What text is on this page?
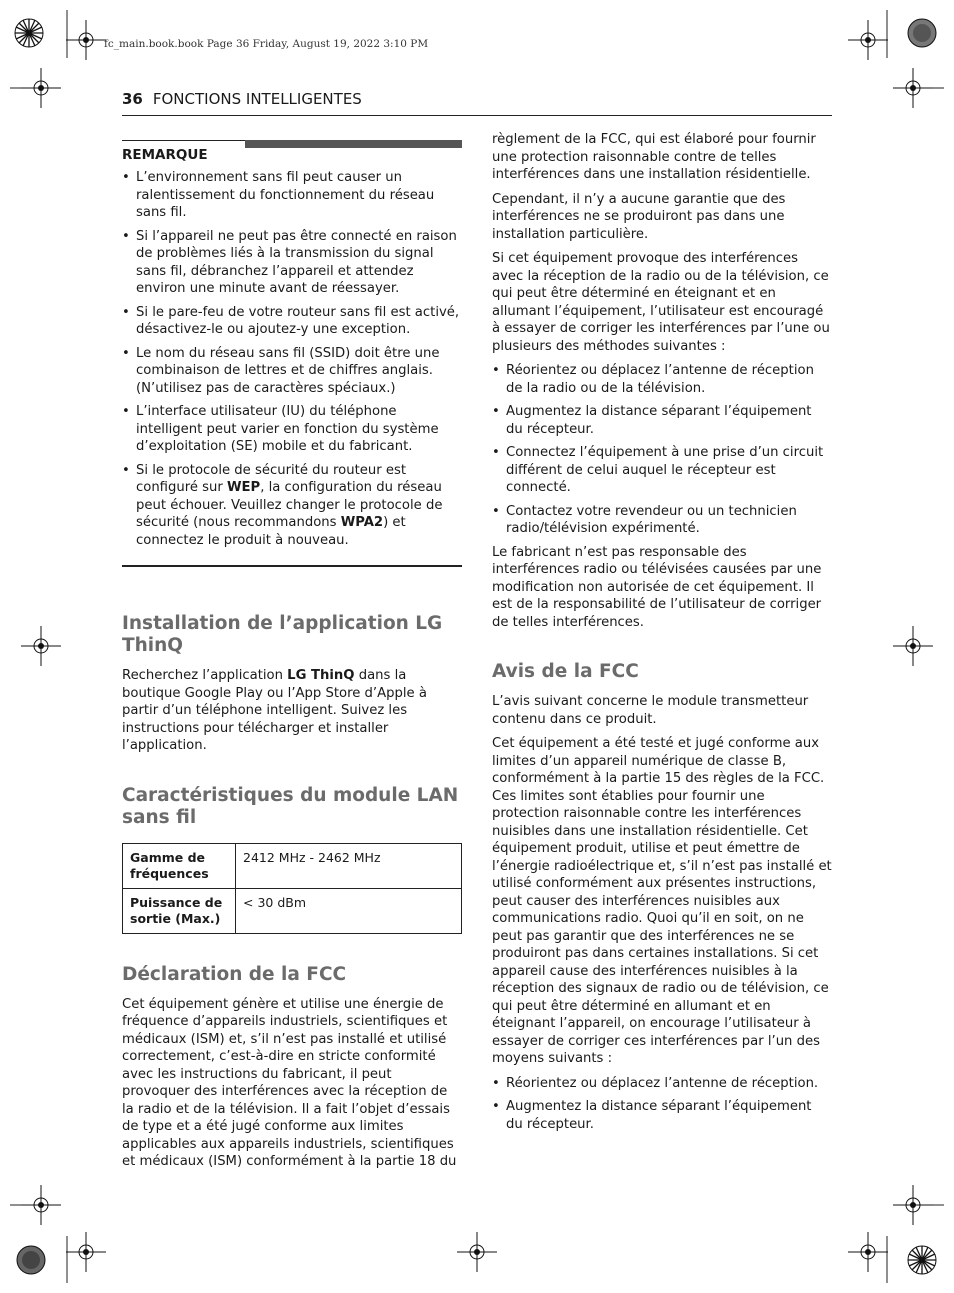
fc_main.book.book Page 36 Friday, August 19, 2022 3:10 PM
36 FONCTIONS INTELLIGENTES
REMARQUE
• L’environnement sans fil peut causer un ralentissement du fonctionnement du réseau sans fil.
• Si l’appareil ne peut pas être connecté en raison de problèmes liés à la transmission du signal sans fil, débranchez l’appareil et attendez environ une minute avant de réessayer.
• Si le pare-feu de votre routeur sans fil est activé, désactivez-le ou ajoutez-y une exception.
• Le nom du réseau sans fil (SSID) doit être une combinaison de lettres et de chiffres anglais. (N’utilisez pas de caractères spéciaux.)
• L’interface utilisateur (IU) du téléphone intelligent peut varier en fonction du système d’exploitation (SE) mobile et du fabricant.
• Si le protocole de sécurité du routeur est configuré sur WEP, la configuration du réseau peut échouer. Veuillez changer le protocole de sécurité (nous recommandons WPA2) et connectez le produit à nouveau.
Installation de l’application LG ThinQ

Recherchez l’application LG ThinQ dans la boutique Google Play ou l’App Store d’Apple à partir d’un téléphone intelligent. Suivez les instructions pour télécharger et installer l’application.

Caractéristiques du module LAN sans fil
Gamme de fréquences	2412 MHz - 2462 MHz
Puissance de sortie (Max.)	< 30 dBm
Déclaration de la FCC

Cet équipement génère et utilise une énergie de fréquence d’appareils industriels, scientifiques et médicaux (ISM) et, s’il n’est pas installé et utilisé correctement, c’est-à-dire en stricte conformité avec les instructions du fabricant, il peut provoquer des interférences avec la réception de la radio et de la télévision. Il a fait l’objet d’essais de type et a été jugé conforme aux limites applicables aux appareils industriels, scientifiques et médicaux (ISM) conformément à la partie 18 du

règlement de la FCC, qui est élaboré pour fournir une protection raisonnable contre de telles interférences dans une installation résidentielle.

Cependant, il n’y a aucune garantie que des interférences ne se produiront pas dans une installation particulière.

Si cet équipement provoque des interférences avec la réception de la radio ou de la télévision, ce qui peut être déterminé en éteignant et en allumant l’équipement, l’utilisateur est encouragé à essayer de corriger les interférences par l’une ou plusieurs des méthodes suivantes :

• Réorientez ou déplacez l’antenne de réception de la radio ou de la télévision.
• Augmentez la distance séparant l’équipement du récepteur.
• Connectez l’équipement à une prise d’un circuit différent de celui auquel le récepteur est connecté.
• Contactez votre revendeur ou un technicien radio/télévision expérimenté.

Le fabricant n’est pas responsable des interférences radio ou télévisées causées par une modification non autorisée de cet équipement. Il est de la responsabilité de l’utilisateur de corriger de telles interférences.

Avis de la FCC

L’avis suivant concerne le module transmetteur contenu dans ce produit.

Cet équipement a été testé et jugé conforme aux limites d’un appareil numérique de classe B, conformément à la partie 15 des règles de la FCC. Ces limites sont établies pour fournir une protection raisonnable contre les interférences nuisibles dans une installation résidentielle. Cet équipement produit, utilise et peut émettre de l’énergie radioélectrique et, s’il n’est pas installé et utilisé conformément aux présentes instructions, peut causer des interférences nuisibles aux communications radio. Quoi qu’il en soit, on ne peut pas garantir que des interférences ne se produiront pas dans certaines installations. Si cet appareil cause des interférences nuisibles à la réception des signaux de radio ou de télévision, ce qui peut être déterminé en allumant et en éteignant l’appareil, on encourage l’utilisateur à essayer de corriger ces interférences par l’un des moyens suivants :

• Réorientez ou déplacez l’antenne de réception.
• Augmentez la distance séparant l’équipement du récepteur.
